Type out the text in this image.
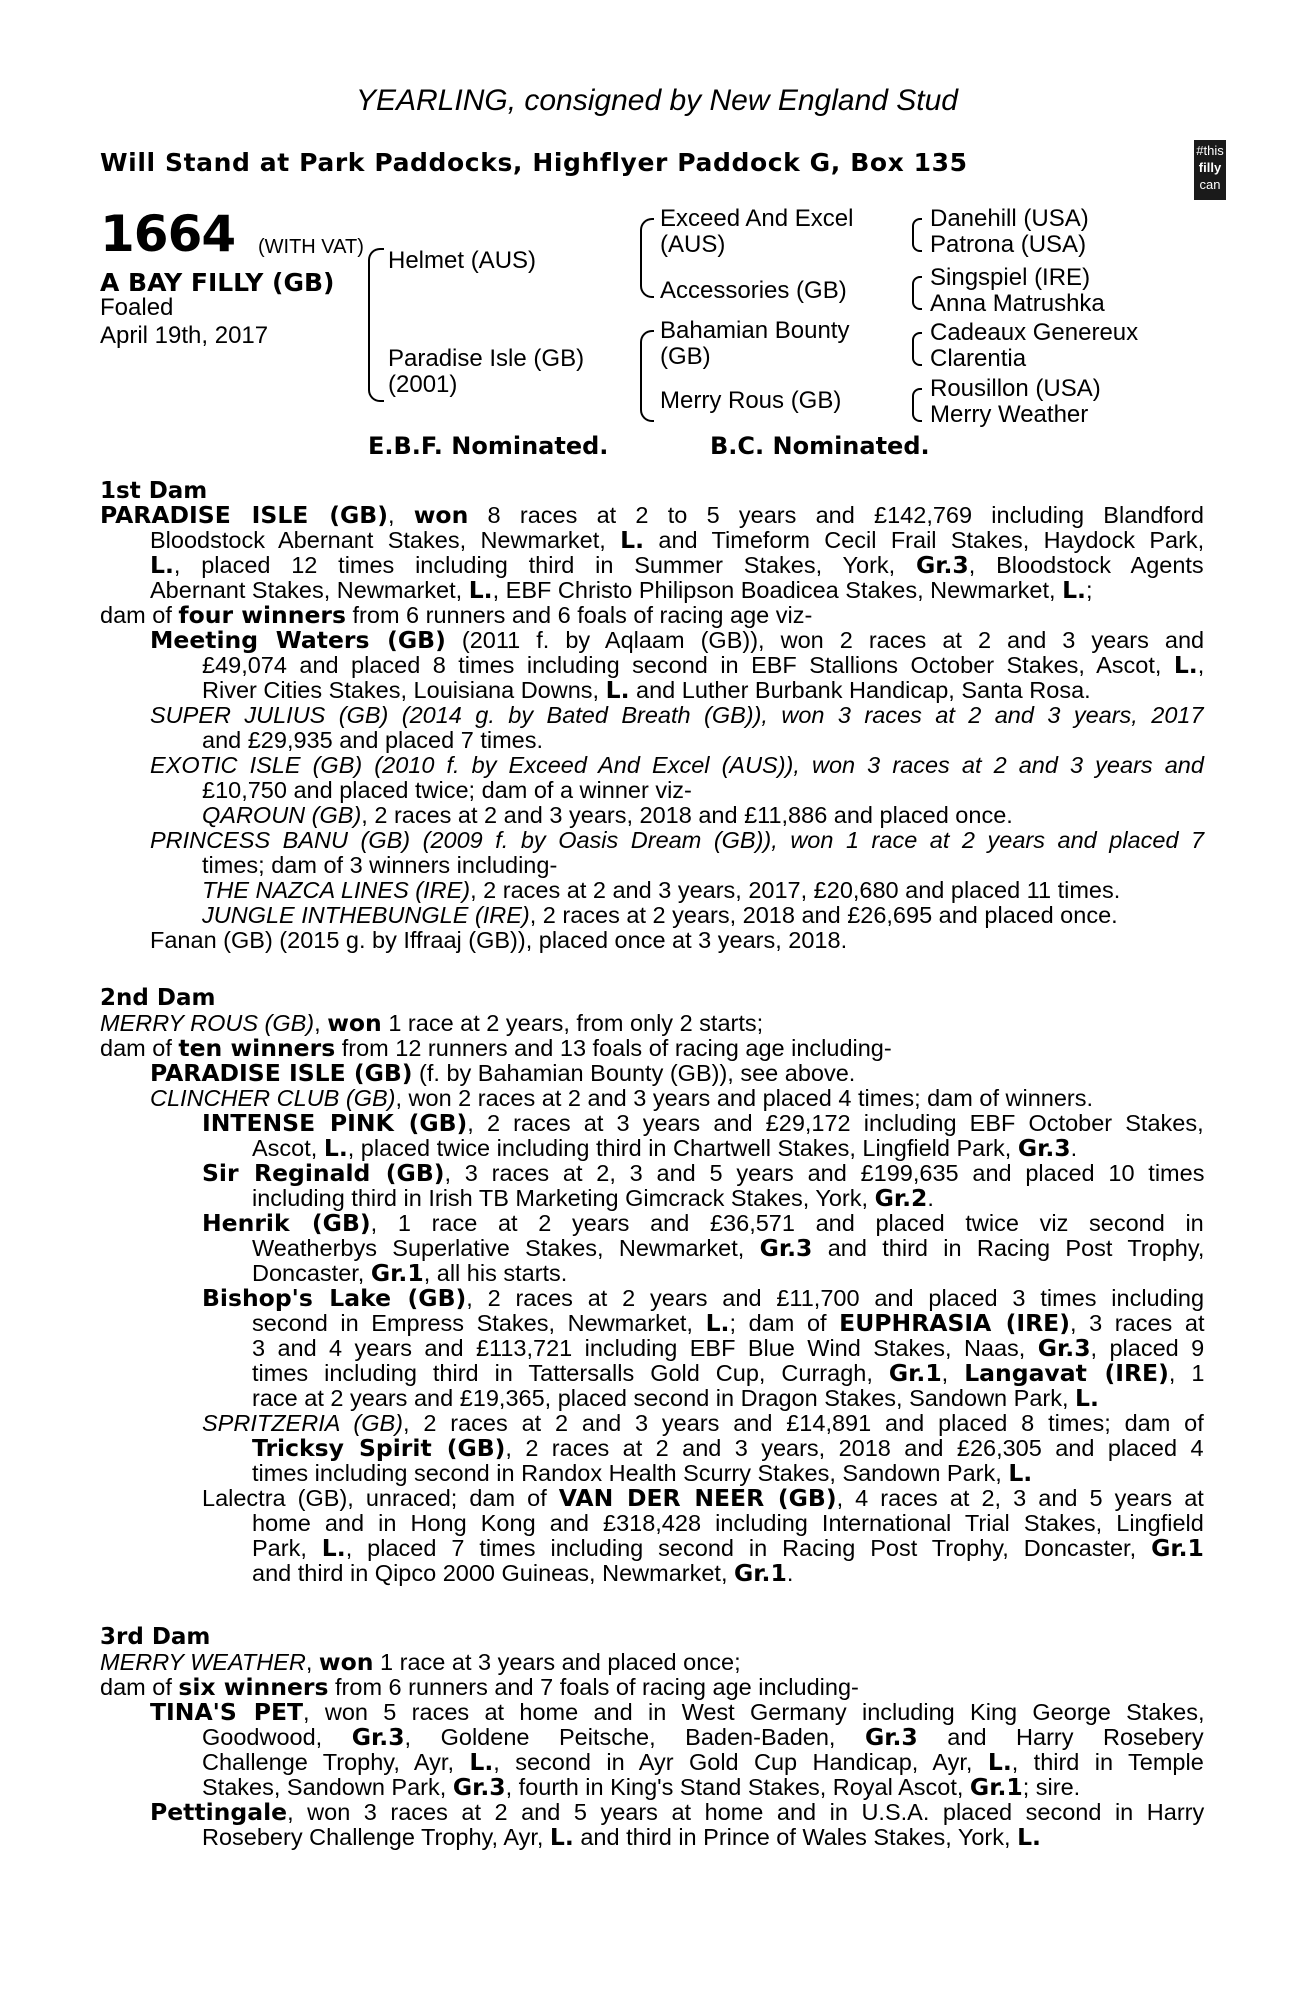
YEARLING, consigned by New England Stud
Will Stand at Park Paddocks, Highflyer Paddock G, Box 135	#this
filly
can
1664 (WITH VAT)
A BAY FILLY (GB)
Foaled
April 19th, 2017
Helmet (AUS)
Paradise Isle (GB)
(2001)
Exceed And Excel
(AUS)
Accessories (GB)
Bahamian Bounty
(GB)
Merry Rous (GB)
Danehill (USA)
Patrona (USA)
Singspiel (IRE)
Anna Matrushka
Cadeaux Genereux
Clarentia
Rousillon (USA)
Merry Weather
E.B.F. Nominated.	B.C. Nominated.
1st Dam
2nd Dam
3rd Dam
PARADISE ISLE (GB), won 8 races at 2 to 5 years and £142,769 including Blandford
Bloodstock Abernant Stakes, Newmarket, L. and Timeform Cecil Frail Stakes, Haydock Park,
L., placed 12 times including third in Summer Stakes, York, Gr.3, Bloodstock Agents
Abernant Stakes, Newmarket, L., EBF Christo Philipson Boadicea Stakes, Newmarket, L.;
dam of four winners from 6 runners and 6 foals of racing age viz-
Meeting Waters (GB) (2011 f. by Aqlaam (GB)), won 2 races at 2 and 3 years and
£49,074 and placed 8 times including second in EBF Stallions October Stakes, Ascot, L.,
River Cities Stakes, Louisiana Downs, L. and Luther Burbank Handicap, Santa Rosa.
SUPER JULIUS (GB) (2014 g. by Bated Breath (GB)), won 3 races at 2 and 3 years, 2017
and £29,935 and placed 7 times.
EXOTIC ISLE (GB) (2010 f. by Exceed And Excel (AUS)), won 3 races at 2 and 3 years and
£10,750 and placed twice; dam of a winner viz-
QAROUN (GB), 2 races at 2 and 3 years, 2018 and £11,886 and placed once.
PRINCESS BANU (GB) (2009 f. by Oasis Dream (GB)), won 1 race at 2 years and placed 7
times; dam of 3 winners including-
THE NAZCA LINES (IRE), 2 races at 2 and 3 years, 2017, £20,680 and placed 11 times.
JUNGLE INTHEBUNGLE (IRE), 2 races at 2 years, 2018 and £26,695 and placed once.
Fanan (GB) (2015 g. by Iffraaj (GB)), placed once at 3 years, 2018.
MERRY ROUS (GB), won 1 race at 2 years, from only 2 starts;
dam of ten winners from 12 runners and 13 foals of racing age including-
PARADISE ISLE (GB) (f. by Bahamian Bounty (GB)), see above.
CLINCHER CLUB (GB), won 2 races at 2 and 3 years and placed 4 times; dam of winners.
INTENSE PINK (GB), 2 races at 3 years and £29,172 including EBF October Stakes,
Ascot, L., placed twice including third in Chartwell Stakes, Lingfield Park, Gr.3.
Sir Reginald (GB), 3 races at 2, 3 and 5 years and £199,635 and placed 10 times
including third in Irish TB Marketing Gimcrack Stakes, York, Gr.2.
Henrik (GB), 1 race at 2 years and £36,571 and placed twice viz second in
Weatherbys Superlative Stakes, Newmarket, Gr.3 and third in Racing Post Trophy,
Doncaster, Gr.1, all his starts.
Bishop's Lake (GB), 2 races at 2 years and £11,700 and placed 3 times including
second in Empress Stakes, Newmarket, L.; dam of EUPHRASIA (IRE), 3 races at
3 and 4 years and £113,721 including EBF Blue Wind Stakes, Naas, Gr.3, placed 9
times including third in Tattersalls Gold Cup, Curragh, Gr.1, Langavat (IRE), 1
race at 2 years and £19,365, placed second in Dragon Stakes, Sandown Park, L.
SPRITZERIA (GB), 2 races at 2 and 3 years and £14,891 and placed 8 times; dam of
Tricksy Spirit (GB), 2 races at 2 and 3 years, 2018 and £26,305 and placed 4
times including second in Randox Health Scurry Stakes, Sandown Park, L.
Lalectra (GB), unraced; dam of VAN DER NEER (GB), 4 races at 2, 3 and 5 years at
home and in Hong Kong and £318,428 including International Trial Stakes, Lingfield
Park, L., placed 7 times including second in Racing Post Trophy, Doncaster, Gr.1
and third in Qipco 2000 Guineas, Newmarket, Gr.1.
MERRY WEATHER, won 1 race at 3 years and placed once;
dam of six winners from 6 runners and 7 foals of racing age including-
TINA'S PET, won 5 races at home and in West Germany including King George Stakes,
Goodwood, Gr.3, Goldene Peitsche, Baden-Baden, Gr.3 and Harry Rosebery
Challenge Trophy, Ayr, L., second in Ayr Gold Cup Handicap, Ayr, L., third in Temple
Stakes, Sandown Park, Gr.3, fourth in King's Stand Stakes, Royal Ascot, Gr.1; sire.
Pettingale, won 3 races at 2 and 5 years at home and in U.S.A. placed second in Harry
Rosebery Challenge Trophy, Ayr, L. and third in Prince of Wales Stakes, York, L.
